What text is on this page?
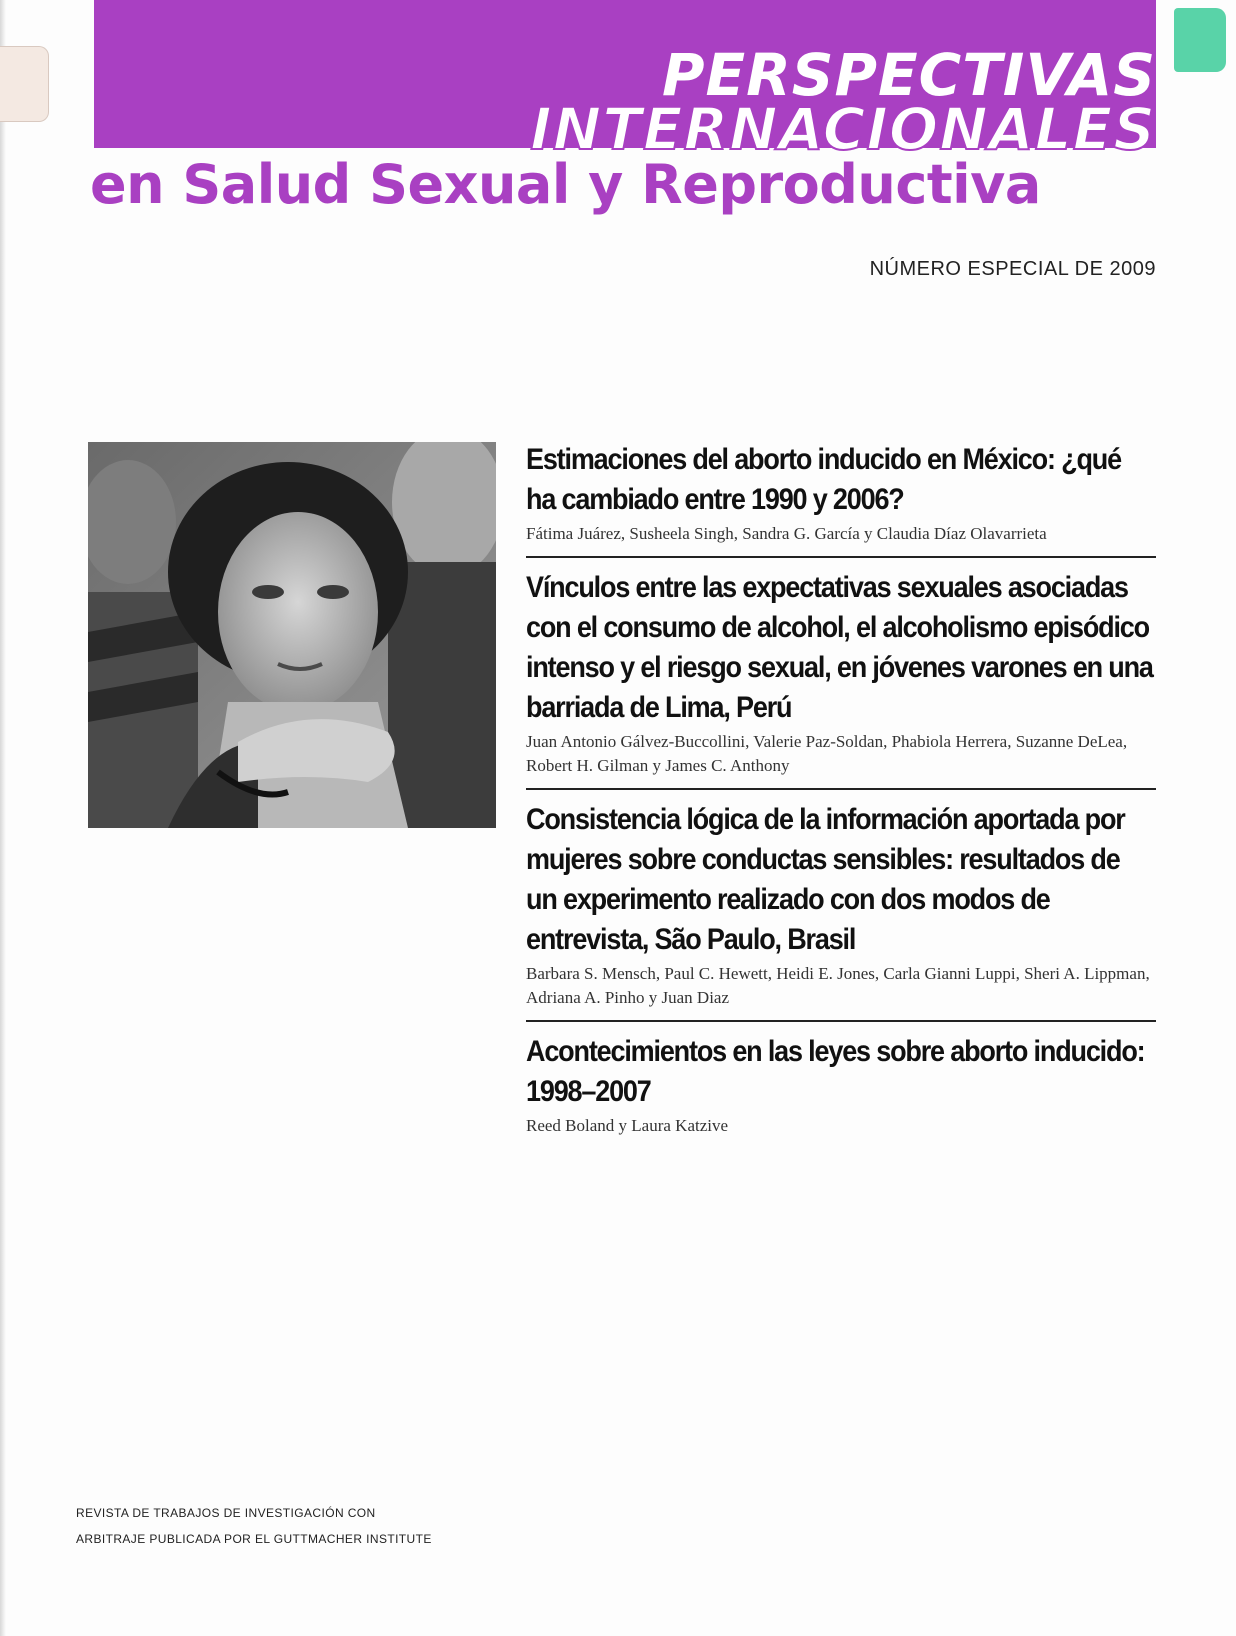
PERSPECTIVAS
INTERNACIONALES
en Salud Sexual y Reproductiva
NÚMERO ESPECIAL DE 2009
Estimaciones del aborto inducido en México: ¿qué ha cambiado entre 1990 y 2006?

Fátima Juárez, Susheela Singh, Sandra G. García y Claudia Díaz Olavarrieta

Vínculos entre las expectativas sexuales asociadas con el consumo de alcohol, el alcoholismo episódico intenso y el riesgo sexual, en jóvenes varones en una barriada de Lima, Perú

Juan Antonio Gálvez-Buccollini, Valerie Paz-Soldan, Phabiola Herrera, Suzanne DeLea, Robert H. Gilman y James C. Anthony

Consistencia lógica de la información aportada por mujeres sobre conductas sensibles: resultados de un experimento realizado con dos modos de entrevista, São Paulo, Brasil

Barbara S. Mensch, Paul C. Hewett, Heidi E. Jones, Carla Gianni Luppi, Sheri A. Lippman, Adriana A. Pinho y Juan Diaz

Acontecimientos en las leyes sobre aborto inducido: 1998–2007

Reed Boland y Laura Katzive

REVISTA DE TRABAJOS DE INVESTIGACIÓN CON
ARBITRAJE PUBLICADA POR EL GUTTMACHER INSTITUTE
